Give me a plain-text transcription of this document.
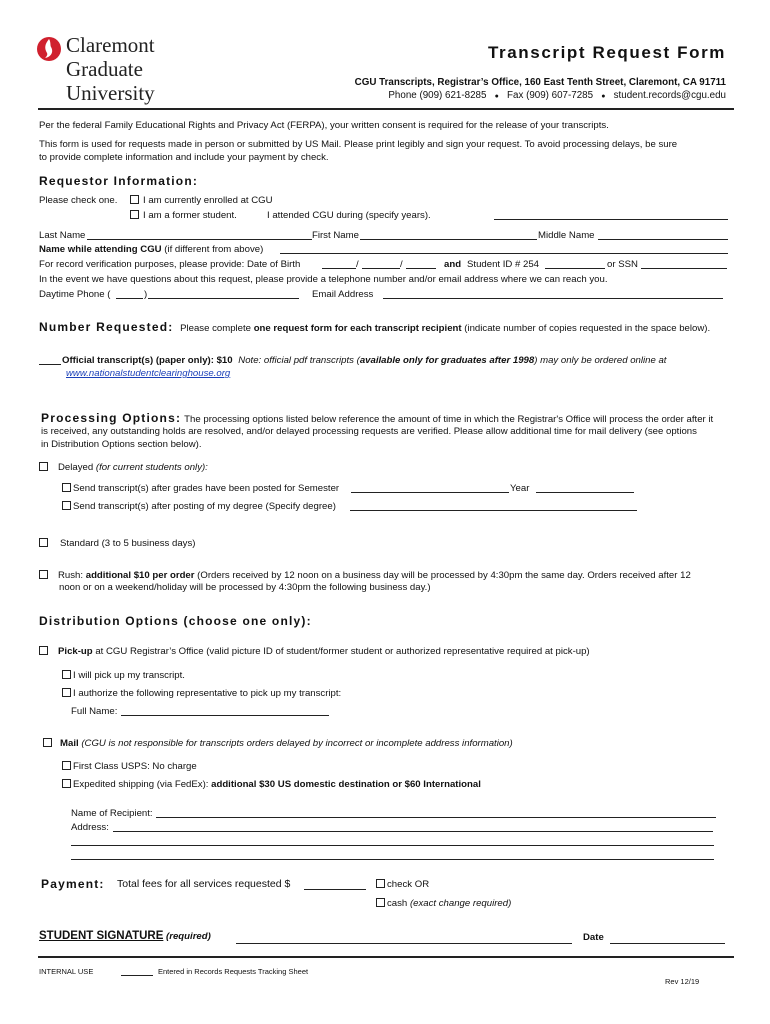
Claremont
Graduate
University
Transcript Request Form
CGU Transcripts, Registrar’s Office, 160 East Tenth Street, Claremont, CA 91711
Phone (909) 621-8285 ● Fax (909) 607-7285 ● student.records@cgu.edu
Per the federal Family Educational Rights and Privacy Act (FERPA), your written consent is required for the release of your transcripts.
This form is used for requests made in person or submitted by US Mail. Please print legibly and sign your request. To avoid processing delays, be sure
to provide complete information and include your payment by check.
Requestor Information:
Please check one.	I am currently enrolled at CGU
I am a former student.	I attended CGU during (specify years).
Last Name	First Name	Middle Name
Name while attending CGU (if different from above)
For record verification purposes, please provide: Date of Birth	/	/	and Student ID # 254	or SSN
In the event we have questions about this request, please provide a telephone number and/or email address where we can reach you.
Daytime Phone (	)	Email Address
Number Requested: Please complete one request form for each transcript recipient (indicate number of copies requested in the space below).
Official transcript(s) (paper only): $10 Note: official pdf transcripts (available only for graduates after 1998) may only be ordered online at
www.nationalstudentclearinghouse.org
Processing Options: The processing options listed below reference the amount of time in which the Registrar's Office will process the order after it
is received, any outstanding holds are resolved, and/or delayed processing requests are verified. Please allow additional time for mail delivery (see options
in Distribution Options section below).
Delayed (for current students only):
Send transcript(s) after grades have been posted for Semester	Year
Send transcript(s) after posting of my degree (Specify degree)
Standard (3 to 5 business days)
Rush: additional $10 per order (Orders received by 12 noon on a business day will be processed by 4:30pm the same day. Orders received after 12
noon or on a weekend/holiday will be processed by 4:30pm the following business day.)
Distribution Options (choose one only):
Pick-up at CGU Registrar’s Office (valid picture ID of student/former student or authorized representative required at pick-up)
I will pick up my transcript.
I authorize the following representative to pick up my transcript:
Full Name:
Mail (CGU is not responsible for transcripts orders delayed by incorrect or incomplete address information)
First Class USPS: No charge
Expedited shipping (via FedEx): additional $30 US domestic destination or $60 International
Name of Recipient:
Address:
Payment: Total fees for all services requested $	check OR
cash (exact change required)
STUDENT SIGNATURE (required)	Date
INTERNAL USE	Entered in Records Requests Tracking Sheet
Rev 12/19
